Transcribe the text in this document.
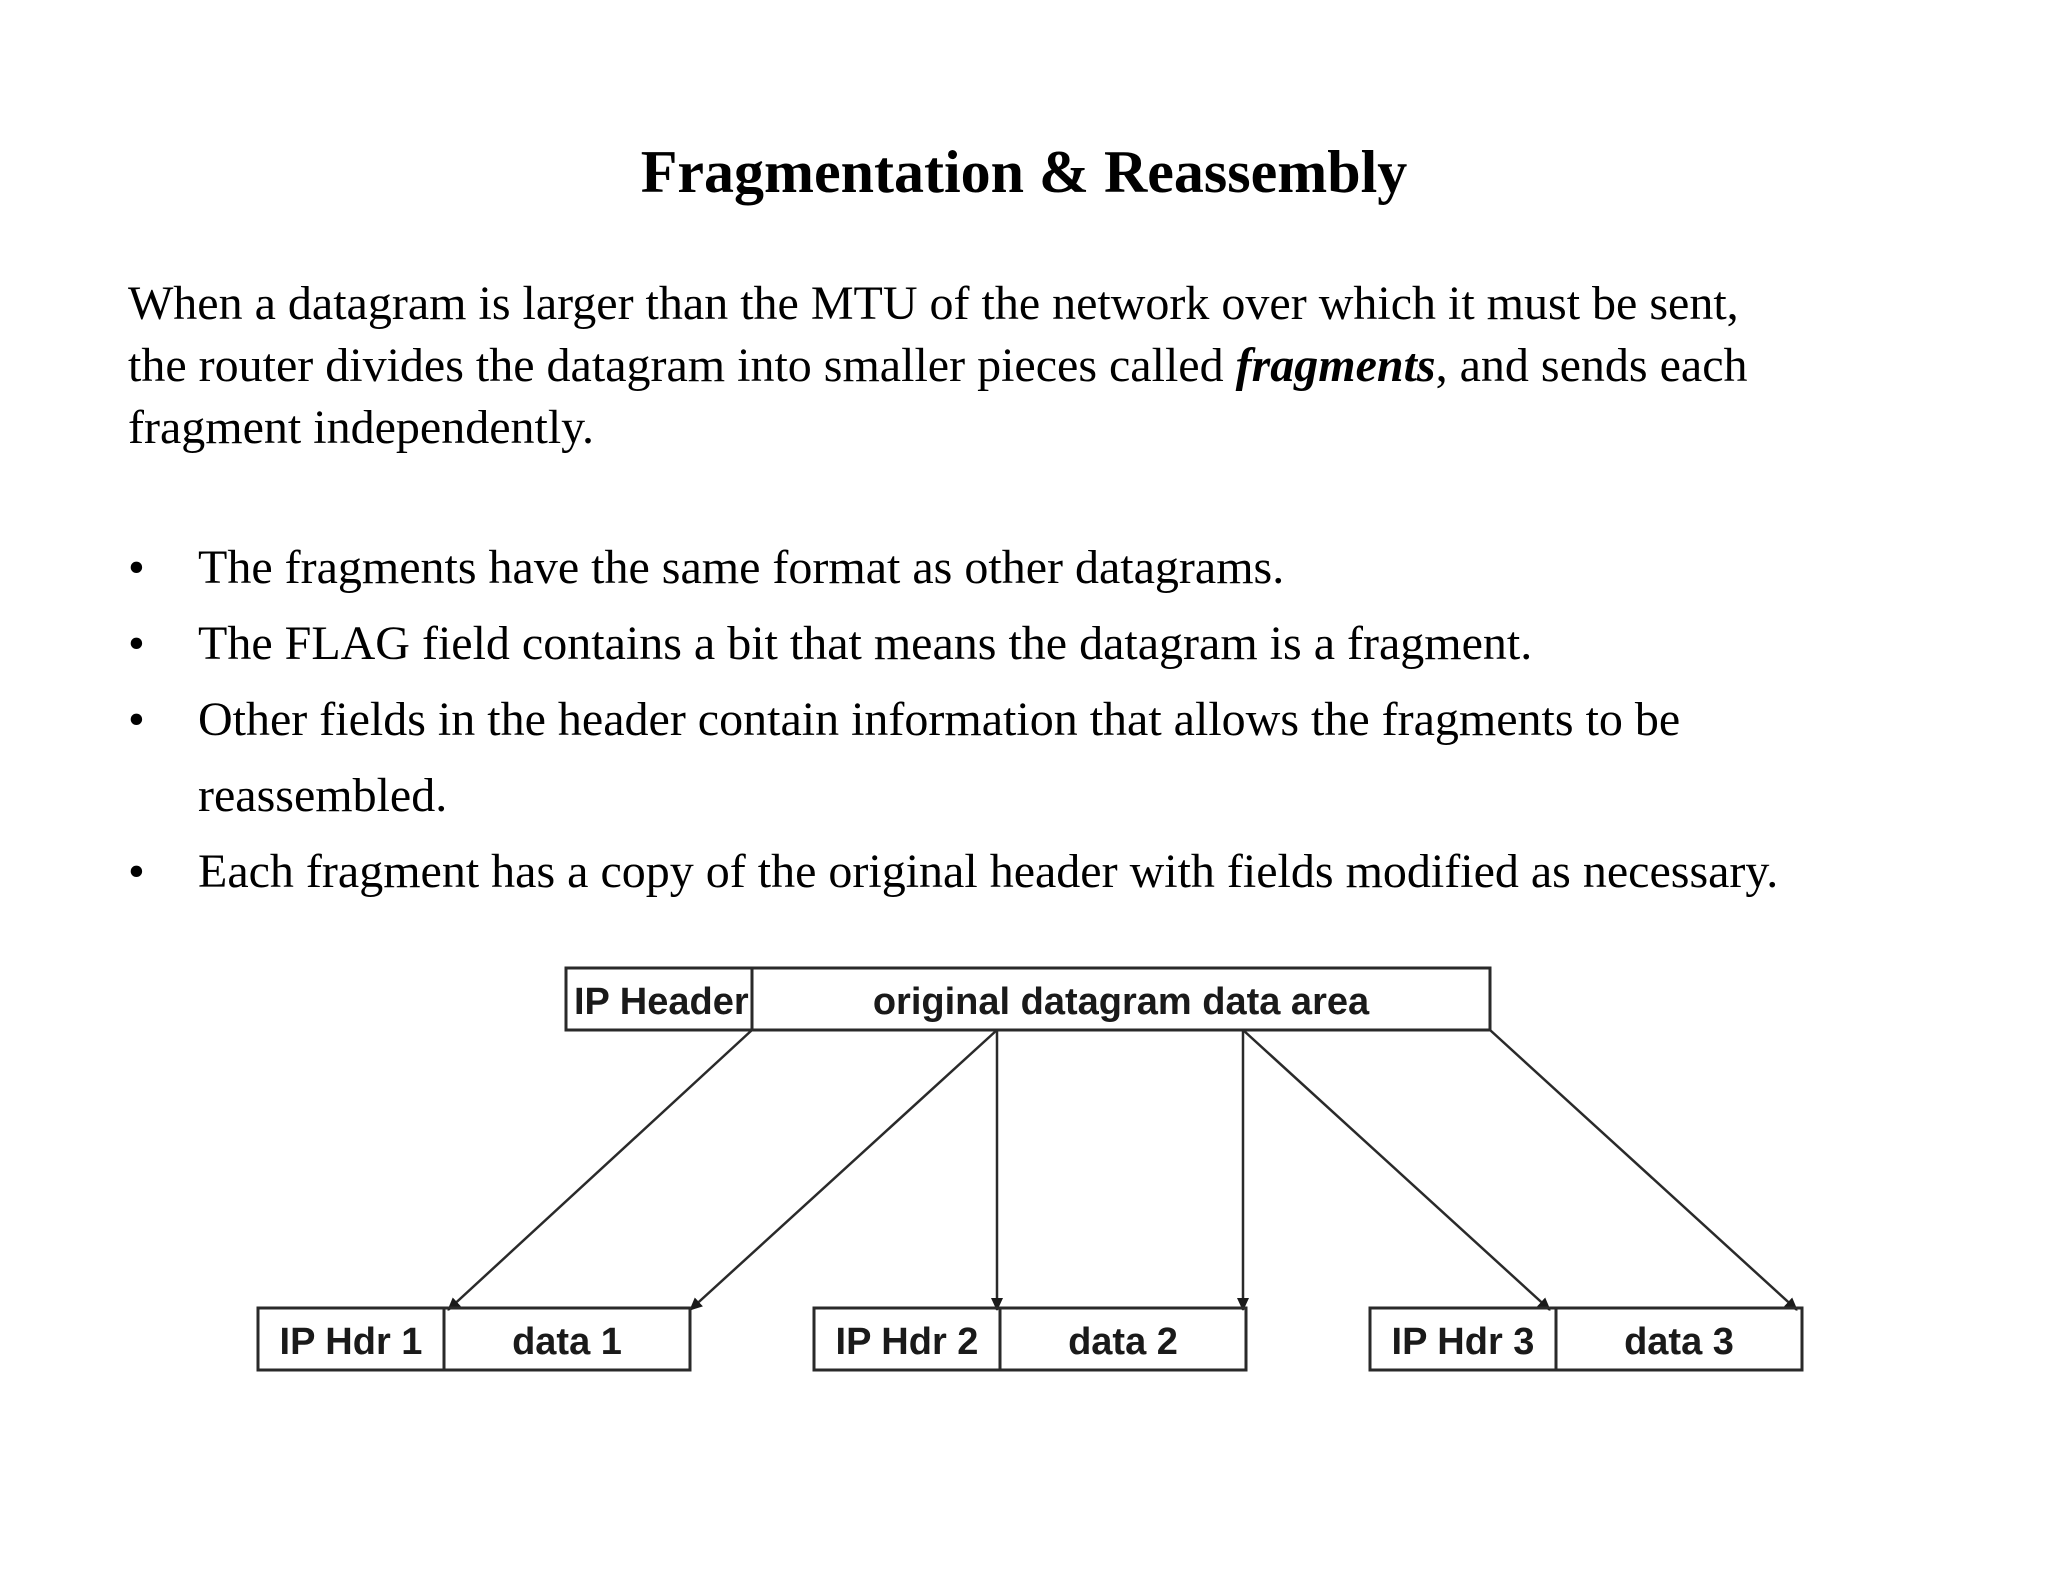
Fragmentation & Reassembly

When a datagram is larger than the MTU of the network over which it must be sent,
the router divides the datagram into smaller pieces called fragments, and sends each
fragment independently.

• The fragments have the same format as other datagrams.
• The FLAG field contains a bit that means the datagram is a fragment.
• Other fields in the header contain information that allows the fragments to be
reassembled.
• Each fragment has a copy of the original header with fields modified as necessary.
IP Header	original datagram data area
IP Hdr 1 data 1	IP Hdr 2 data 2	IP Hdr 3 data 3
